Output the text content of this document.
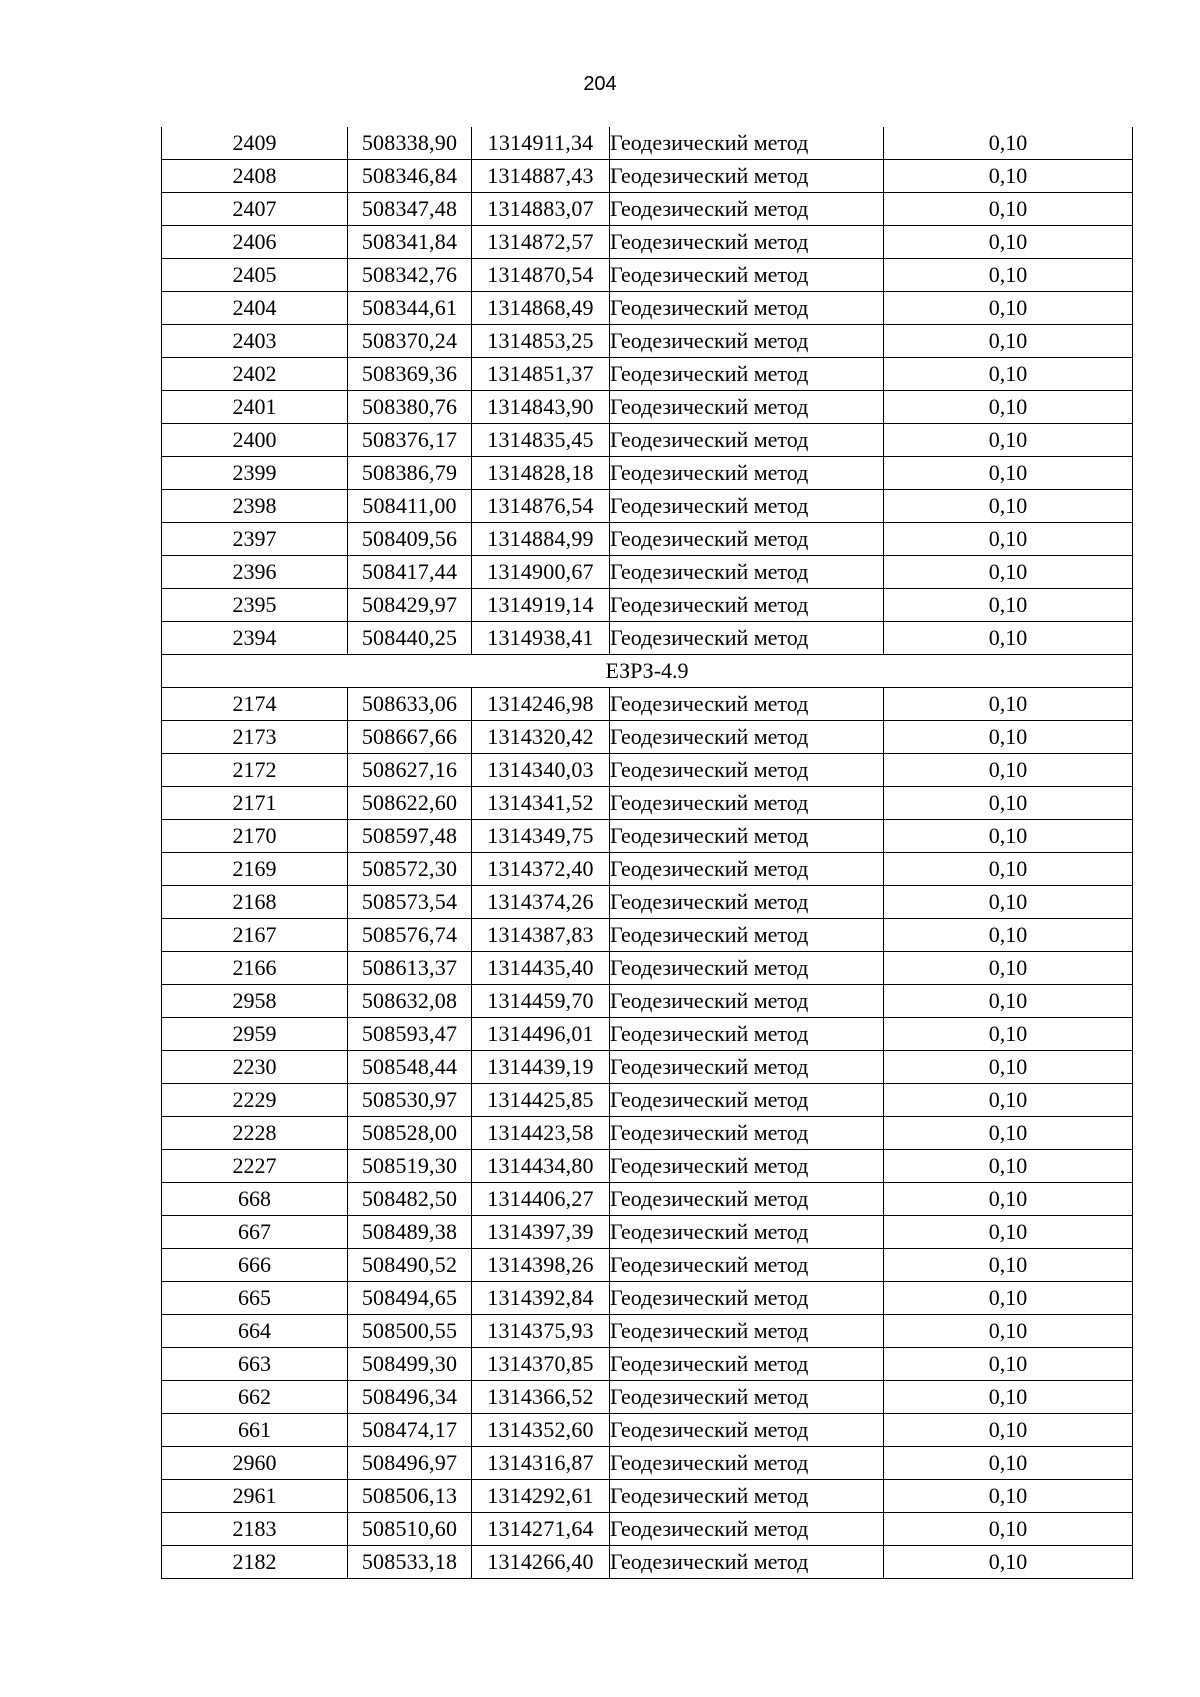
204
2409	508338,90	1314911,34	Геодезический метод	0,10
2408	508346,84	1314887,43	Геодезический метод	0,10
2407	508347,48	1314883,07	Геодезический метод	0,10
2406	508341,84	1314872,57	Геодезический метод	0,10
2405	508342,76	1314870,54	Геодезический метод	0,10
2404	508344,61	1314868,49	Геодезический метод	0,10
2403	508370,24	1314853,25	Геодезический метод	0,10
2402	508369,36	1314851,37	Геодезический метод	0,10
2401	508380,76	1314843,90	Геодезический метод	0,10
2400	508376,17	1314835,45	Геодезический метод	0,10
2399	508386,79	1314828,18	Геодезический метод	0,10
2398	508411,00	1314876,54	Геодезический метод	0,10
2397	508409,56	1314884,99	Геодезический метод	0,10
2396	508417,44	1314900,67	Геодезический метод	0,10
2395	508429,97	1314919,14	Геодезический метод	0,10
2394	508440,25	1314938,41	Геодезический метод	0,10
ЕЗРЗ-4.9				
2174	508633,06	1314246,98	Геодезический метод	0,10
2173	508667,66	1314320,42	Геодезический метод	0,10
2172	508627,16	1314340,03	Геодезический метод	0,10
2171	508622,60	1314341,52	Геодезический метод	0,10
2170	508597,48	1314349,75	Геодезический метод	0,10
2169	508572,30	1314372,40	Геодезический метод	0,10
2168	508573,54	1314374,26	Геодезический метод	0,10
2167	508576,74	1314387,83	Геодезический метод	0,10
2166	508613,37	1314435,40	Геодезический метод	0,10
2958	508632,08	1314459,70	Геодезический метод	0,10
2959	508593,47	1314496,01	Геодезический метод	0,10
2230	508548,44	1314439,19	Геодезический метод	0,10
2229	508530,97	1314425,85	Геодезический метод	0,10
2228	508528,00	1314423,58	Геодезический метод	0,10
2227	508519,30	1314434,80	Геодезический метод	0,10
668	508482,50	1314406,27	Геодезический метод	0,10
667	508489,38	1314397,39	Геодезический метод	0,10
666	508490,52	1314398,26	Геодезический метод	0,10
665	508494,65	1314392,84	Геодезический метод	0,10
664	508500,55	1314375,93	Геодезический метод	0,10
663	508499,30	1314370,85	Геодезический метод	0,10
662	508496,34	1314366,52	Геодезический метод	0,10
661	508474,17	1314352,60	Геодезический метод	0,10
2960	508496,97	1314316,87	Геодезический метод	0,10
2961	508506,13	1314292,61	Геодезический метод	0,10
2183	508510,60	1314271,64	Геодезический метод	0,10
2182	508533,18	1314266,40	Геодезический метод	0,10
